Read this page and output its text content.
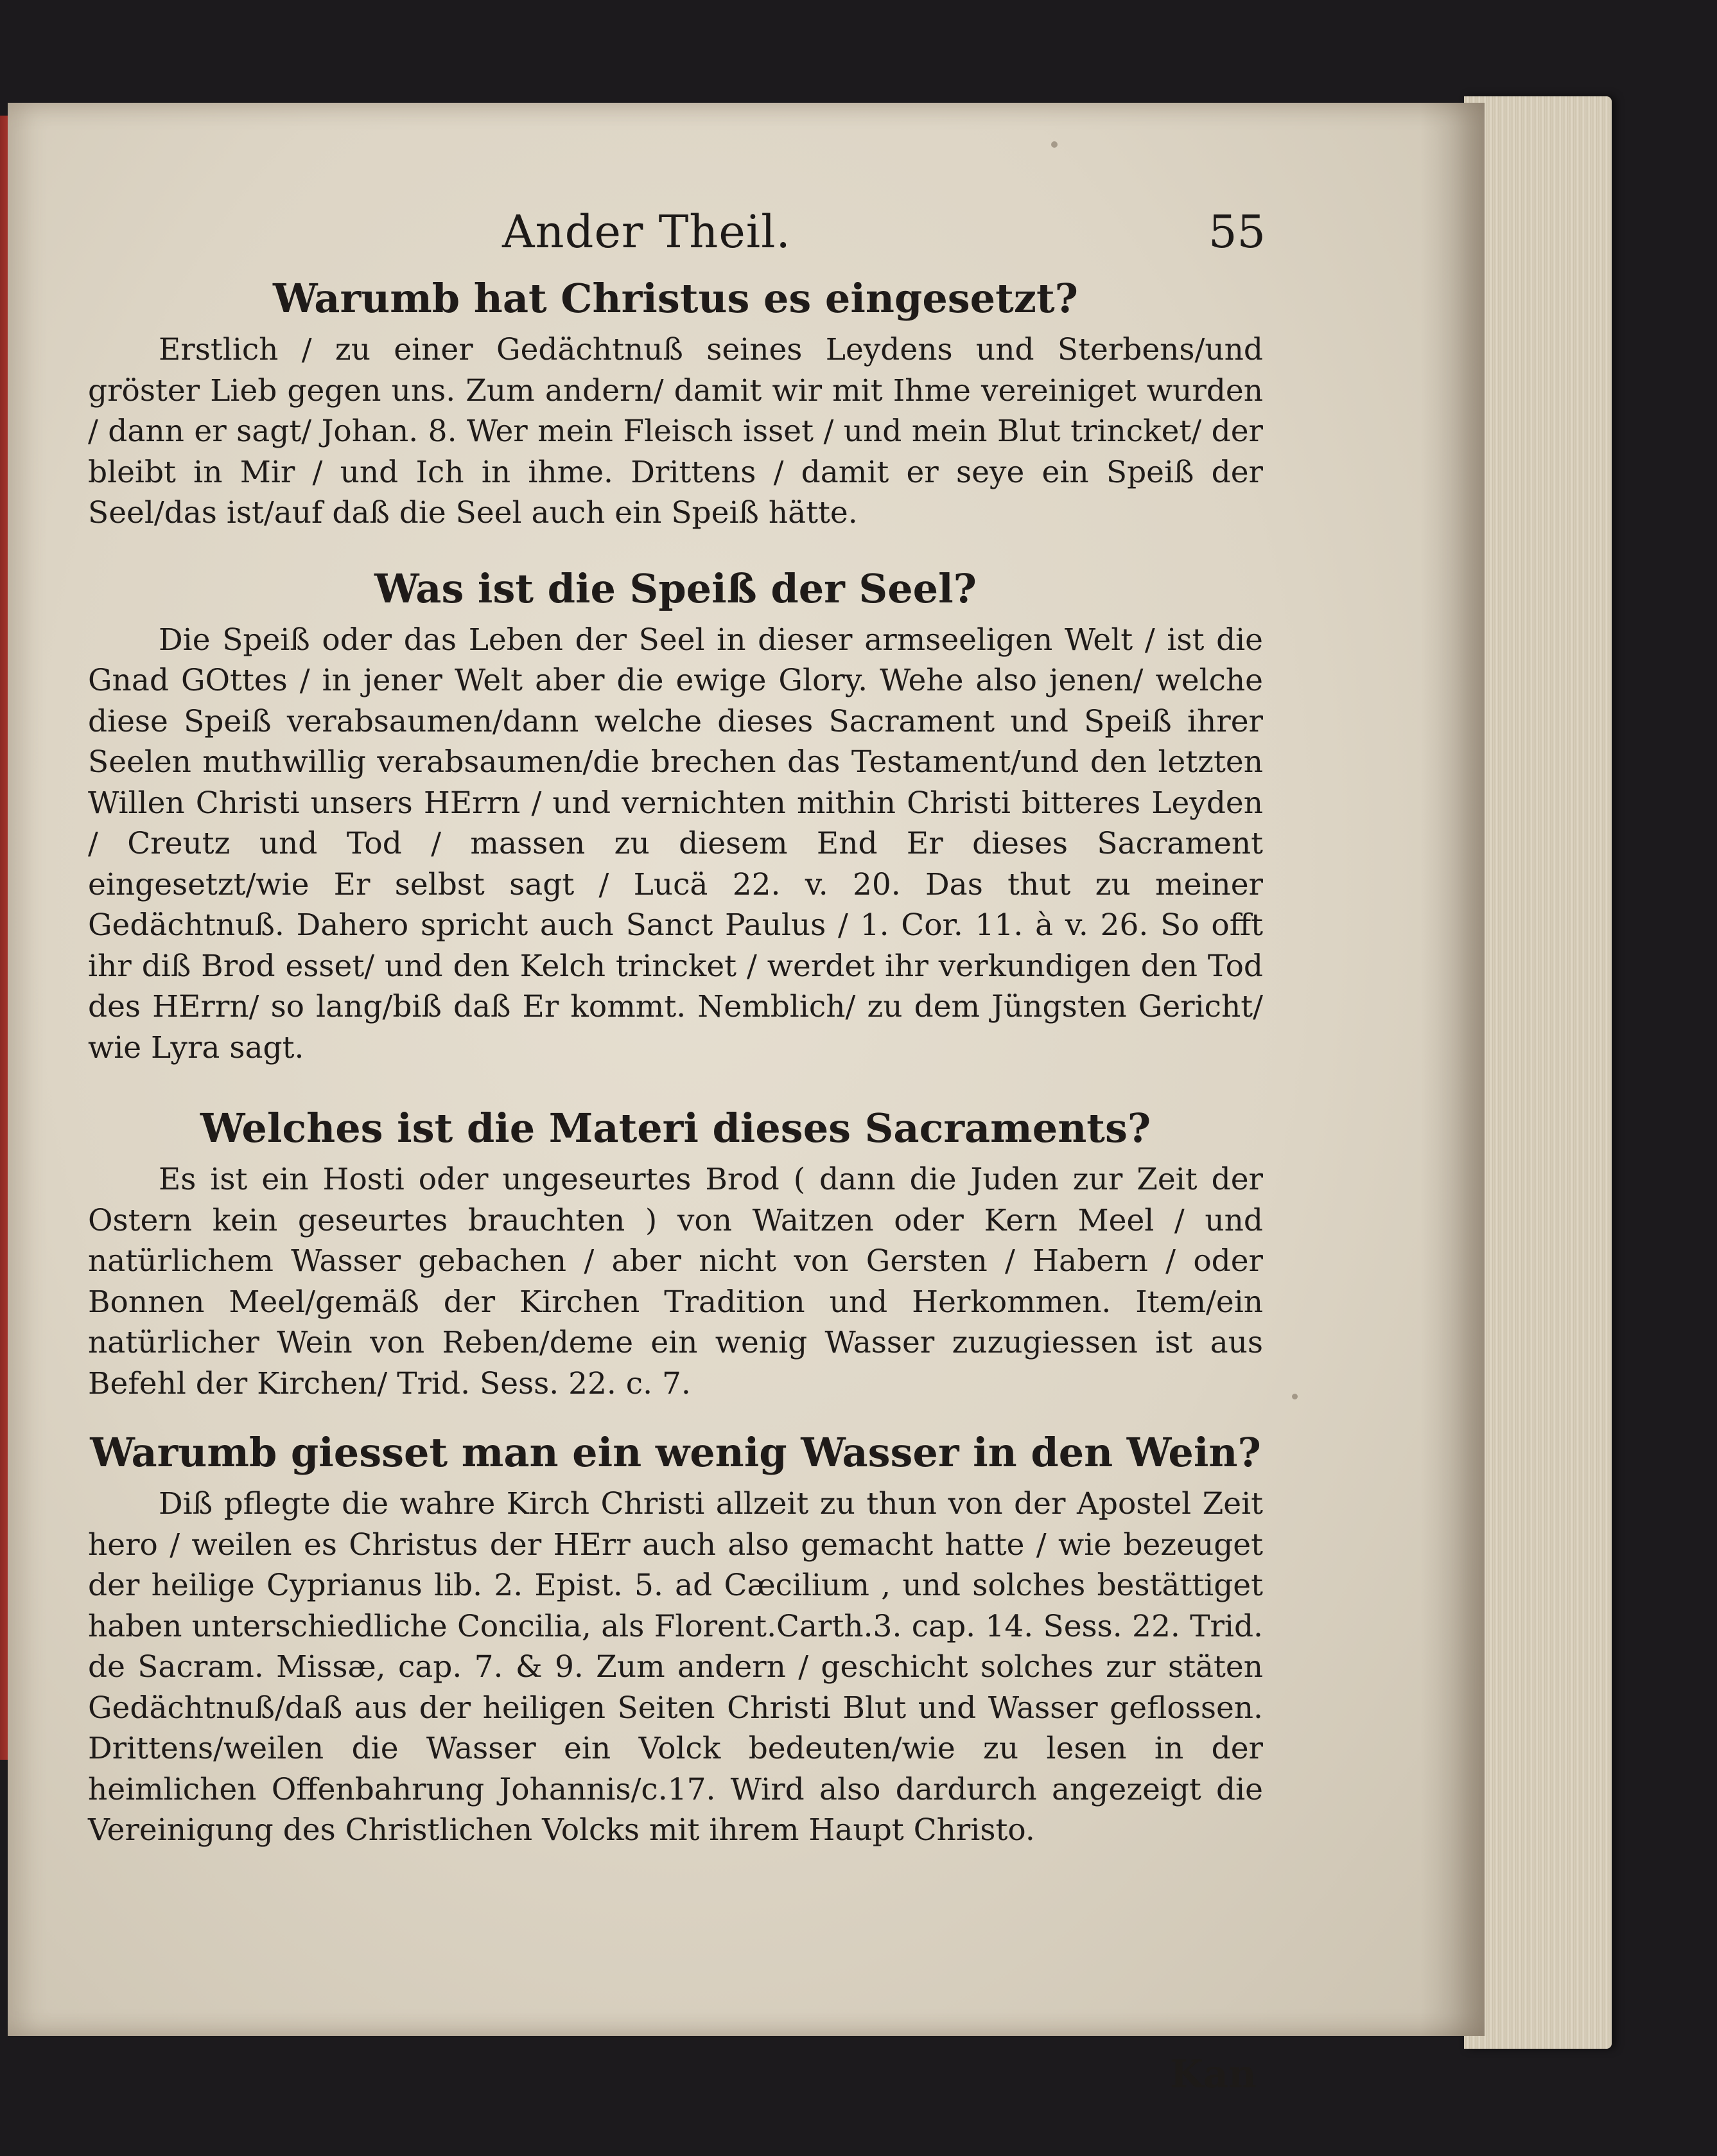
Ander Theil.	55
Warumb hat Christus es eingesetzt?

Erstlich / zu einer Gedächtnuß seines Leydens und Sterbens/und gröster Lieb gegen uns. Zum andern/ damit wir mit Ihme vereiniget wurden / dann er sagt/ Johan. 8. Wer mein Fleisch isset / und mein Blut trincket/ der bleibt in Mir / und Ich in ihme. Drittens / damit er seye ein Speiß der Seel/das ist/auf daß die Seel auch ein Speiß hätte.

Was ist die Speiß der Seel?

Die Speiß oder das Leben der Seel in dieser armseeligen Welt / ist die Gnad GOttes / in jener Welt aber die ewige Glory. Wehe also jenen/ welche diese Speiß verabsaumen/dann welche dieses Sacrament und Speiß ihrer Seelen muthwillig verabsaumen/die brechen das Testament/und den letzten Willen Christi unsers HErrn / und vernichten mithin Christi bitteres Leyden / Creutz und Tod / massen zu diesem End Er dieses Sacrament eingesetzt/wie Er selbst sagt / Lucä 22. v. 20. Das thut zu meiner Gedächtnuß. Dahero spricht auch Sanct Paulus / 1. Cor. 11. à v. 26. So offt ihr diß Brod esset/ und den Kelch trincket / werdet ihr verkundigen den Tod des HErrn/ so lang/biß daß Er kommt. Nemblich/ zu dem Jüngsten Gericht/ wie Lyra sagt.

Welches ist die Materi dieses Sacraments?

Es ist ein Hosti oder ungeseurtes Brod ( dann die Juden zur Zeit der Ostern kein geseurtes brauchten ) von Waitzen oder Kern Meel / und natürlichem Wasser gebachen / aber nicht von Gersten / Habern / oder Bonnen Meel/gemäß der Kirchen Tradition und Herkommen. Item/ein natürlicher Wein von Reben/deme ein wenig Wasser zuzugiessen ist aus Befehl der Kirchen/ Trid. Sess. 22. c. 7.

Warumb giesset man ein wenig Wasser in den Wein?

Diß pflegte die wahre Kirch Christi allzeit zu thun von der Apostel Zeit hero / weilen es Christus der HErr auch also gemacht hatte / wie bezeuget der heilige Cyprianus lib. 2. Epist. 5. ad Cæcilium , und solches bestättiget haben unterschiedliche Concilia, als Florent.Carth.3. cap. 14. Sess. 22. Trid. de Sacram. Missæ, cap. 7. & 9. Zum andern / geschicht solches zur stäten Gedächtnuß/daß aus der heiligen Seiten Christi Blut und Wasser geflossen. Drittens/weilen die Wasser ein Volck bedeuten/wie zu lesen in der heimlichen Offenbahrung Johannis/c.17. Wird also dardurch angezeigt die Vereinigung des Christlichen Volcks mit ihrem Haupt Christo.

Kan
